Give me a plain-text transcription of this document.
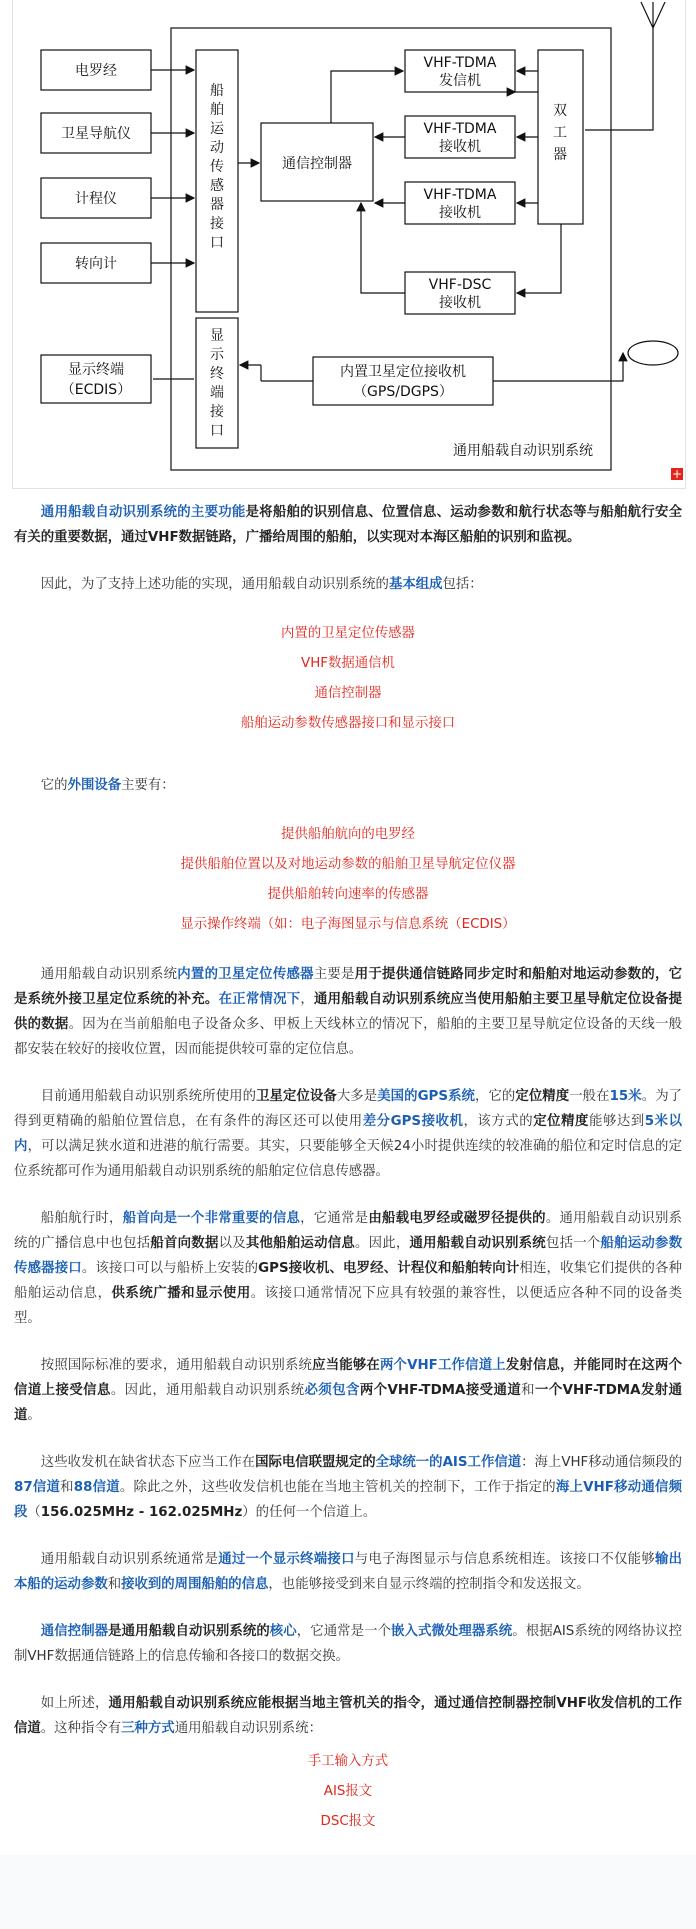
电罗经
卫星导航仪
计程仪
转向计
显示终端
（ECDIS）
通信控制器
VHF-TDMA
发信机
VHF-TDMA
接收机
VHF-TDMA
接收机
VHF-DSC
接收机
内置卫星定位接收机
（GPS/DGPS）
通用船载自动识别系统
船舶运动传感器接口
显示终端接口
双工器
+

通用船载自动识别系统的主要功能是将船舶的识别信息、位置信息、运动参数和航行状态等与船舶航行安全有关的重要数据，通过VHF数据链路，广播给周围的船舶，以实现对本海区船舶的识别和监视。

因此，为了支持上述功能的实现，通用船载自动识别系统的基本组成包括：

内置的卫星定位传感器
VHF数据通信机
通信控制器
船舶运动参数传感器接口和显示接口

它的外围设备主要有：

提供船舶航向的电罗经
提供船舶位置以及对地运动参数的船舶卫星导航定位仪器
提供船舶转向速率的传感器
显示操作终端（如：电子海图显示与信息系统（ECDIS）

通用船载自动识别系统内置的卫星定位传感器主要是用于提供通信链路同步定时和船舶对地运动参数的，它是系统外接卫星定位系统的补充。在正常情况下，通用船载自动识别系统应当使用船舶主要卫星导航定位设备提供的数据。因为在当前船舶电子设备众多、甲板上天线林立的情况下，船舶的主要卫星导航定位设备的天线一般都安装在较好的接收位置，因而能提供较可靠的定位信息。

目前通用船载自动识别系统所使用的卫星定位设备大多是美国的GPS系统，它的定位精度一般在15米。为了得到更精确的船舶位置信息，在有条件的海区还可以使用差分GPS接收机，该方式的定位精度能够达到5米以内，可以满足狭水道和进港的航行需要。其实，只要能够全天候24小时提供连续的较准确的船位和定时信息的定位系统都可作为通用船载自动识别系统的船舶定位信息传感器。

船舶航行时，船首向是一个非常重要的信息，它通常是由船载电罗经或磁罗径提供的。通用船载自动识别系统的广播信息中也包括船首向数据以及其他船舶运动信息。因此，通用船载自动识别系统包括一个船舶运动参数传感器接口。该接口可以与船桥上安装的GPS接收机、电罗经、计程仪和船舶转向计相连，收集它们提供的各种船舶运动信息，供系统广播和显示使用。该接口通常情况下应具有较强的兼容性，以便适应各种不同的设备类型。

按照国际标准的要求，通用船载自动识别系统应当能够在两个VHF工作信道上发射信息，并能同时在这两个信道上接受信息。因此，通用船载自动识别系统必须包含两个VHF-TDMA接受通道和一个VHF-TDMA发射通道。

这些收发机在缺省状态下应当工作在国际电信联盟规定的全球统一的AIS工作信道：海上VHF移动通信频段的87信道和88信道。除此之外，这些收发信机也能在当地主管机关的控制下，工作于指定的海上VHF移动通信频段（156.025MHz - 162.025MHz）的任何一个信道上。

通用船载自动识别系统通常是通过一个显示终端接口与电子海图显示与信息系统相连。该接口不仅能够输出本船的运动参数和接收到的周围船舶的信息，也能够接受到来自显示终端的控制指令和发送报文。

通信控制器是通用船载自动识别系统的核心，它通常是一个嵌入式微处理器系统。根据AIS系统的网络协议控制VHF数据通信链路上的信息传输和各接口的数据交换。

如上所述，通用船载自动识别系统应能根据当地主管机关的指令，通过通信控制器控制VHF收发信机的工作信道。这种指令有三种方式通用船载自动识别系统：

手工输入方式
AIS报文
DSC报文
